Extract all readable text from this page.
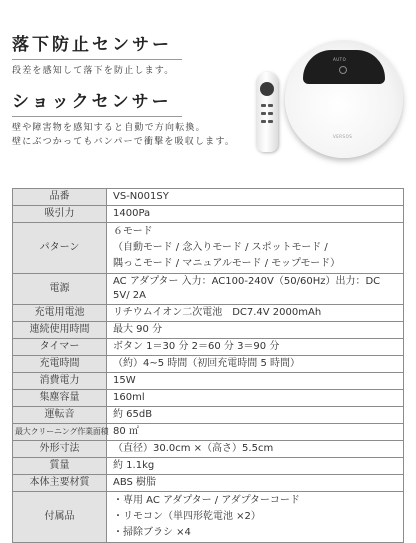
落下防止センサー
段差を感知して落下を防止します。
ショックセンサー
壁や障害物を感知すると自動で方向転換。
壁にぶつかってもバンパーで衝撃を吸収します。
AUTO
VERSOS
品番	VS-N001SY
吸引力	1400Pa
パターン	６モード
（自動モード / 念入りモード / スポットモード /
隅っこモード / マニュアルモード / モップモード）

電源	AC アダプター 入力：AC100-240V（50/60Hz）出力：DC 5V/ 2A
充電用電池	リチウムイオン二次電池　DC7.4V 2000mAh
連続使用時間	最大 90 分
タイマー	ボタン 1＝30 分 2＝60 分 3＝90 分
充電時間	（約）4~5 時間（初回充電時間 5 時間）
消費電力	15W
集塵容量	160ml
運転音	約 65dB
最大クリーニング作業面積	80 ㎡
外形寸法	（直径）30.0cm ×（高さ）5.5cm
質量	約 1.1kg
本体主要材質	ABS 樹脂
付属品	・専用 AC アダプター / アダプターコード
・リモコン（単四形乾電池 ×2）
・掃除ブラシ ×4
